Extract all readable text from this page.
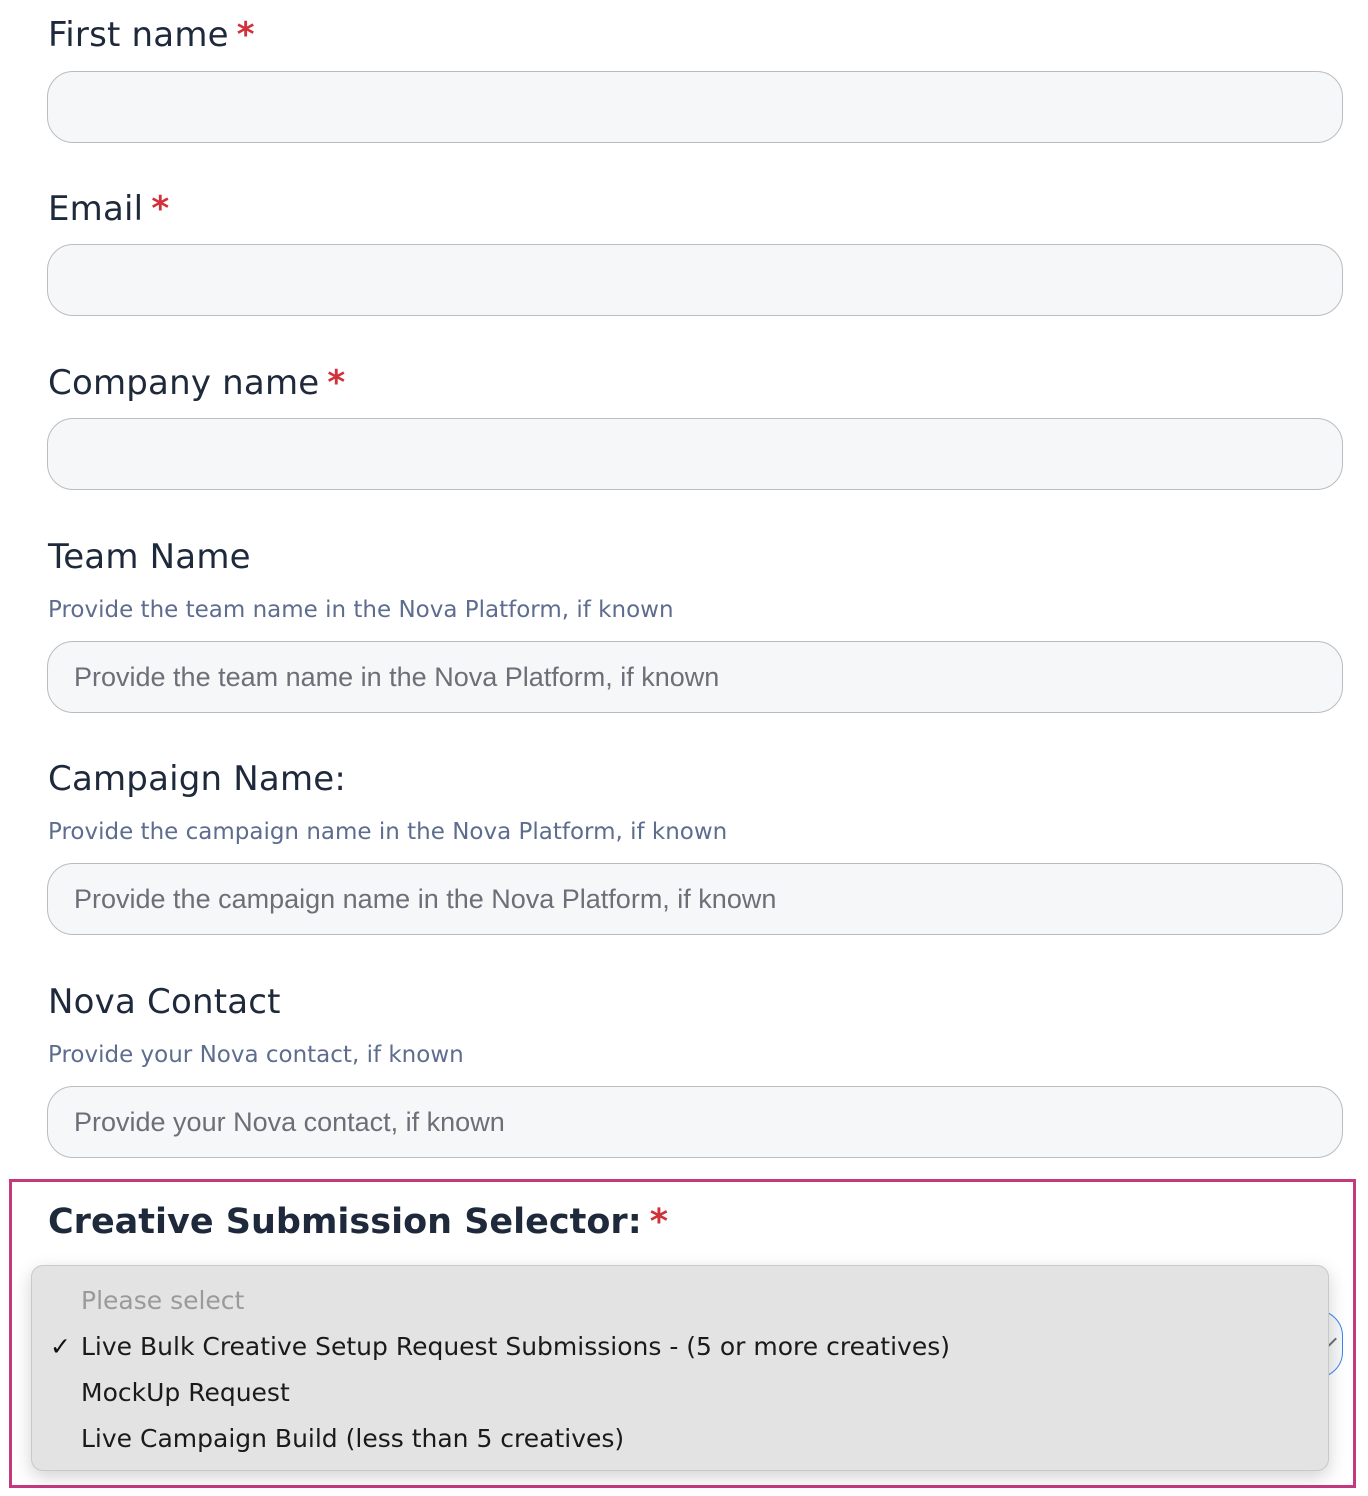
First name *
Email *
Company name *
Team Name
Provide the team name in the Nova Platform, if known
Provide the team name in the Nova Platform, if known
Campaign Name:
Provide the campaign name in the Nova Platform, if known
Provide the campaign name in the Nova Platform, if known
Nova Contact
Provide your Nova contact, if known
Provide your Nova contact, if known
Creative Submission Selector: *
Please select
✓ Live Bulk Creative Setup Request Submissions - (5 or more creatives)
MockUp Request
Live Campaign Build (less than 5 creatives)
